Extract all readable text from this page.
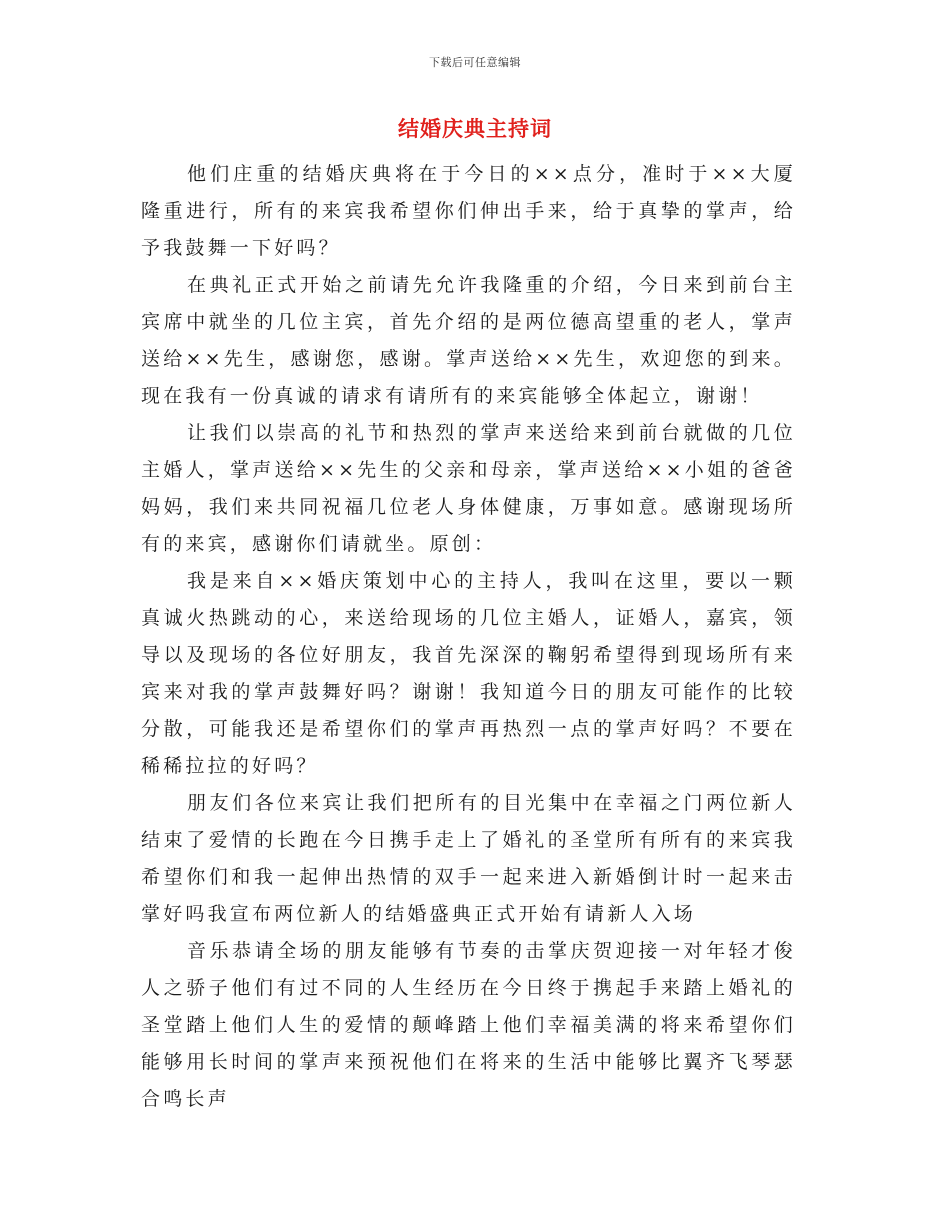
下载后可任意编辑
结婚庆典主持词

他们庄重的结婚庆典将在于今日的××点分，准时于××大厦隆重进行，所有的来宾我希望你们伸出手来，给于真挚的掌声，给予我鼓舞一下好吗？

在典礼正式开始之前请先允许我隆重的介绍，今日来到前台主宾席中就坐的几位主宾，首先介绍的是两位德高望重的老人，掌声送给××先生，感谢您，感谢。掌声送给××先生，欢迎您的到来。现在我有一份真诚的请求有请所有的来宾能够全体起立，谢谢！

让我们以崇高的礼节和热烈的掌声来送给来到前台就做的几位主婚人，掌声送给××先生的父亲和母亲，掌声送给××小姐的爸爸妈妈，我们来共同祝福几位老人身体健康，万事如意。感谢现场所有的来宾，感谢你们请就坐。原创：

我是来自××婚庆策划中心的主持人，我叫在这里，要以一颗真诚火热跳动的心，来送给现场的几位主婚人，证婚人，嘉宾，领导以及现场的各位好朋友，我首先深深的鞠躬希望得到现场所有来宾来对我的掌声鼓舞好吗？谢谢！我知道今日的朋友可能作的比较分散，可能我还是希望你们的掌声再热烈一点的掌声好吗？不要在稀稀拉拉的好吗？

朋友们各位来宾让我们把所有的目光集中在幸福之门两位新人结束了爱情的长跑在今日携手走上了婚礼的圣堂所有所有的来宾我希望你们和我一起伸出热情的双手一起来进入新婚倒计时一起来击掌好吗我宣布两位新人的结婚盛典正式开始有请新人入场

音乐恭请全场的朋友能够有节奏的击掌庆贺迎接一对年轻才俊人之骄子他们有过不同的人生经历在今日终于携起手来踏上婚礼的圣堂踏上他们人生的爱情的颠峰踏上他们幸福美满的将来希望你们能够用长时间的掌声来预祝他们在将来的生活中能够比翼齐飞琴瑟合鸣长声
